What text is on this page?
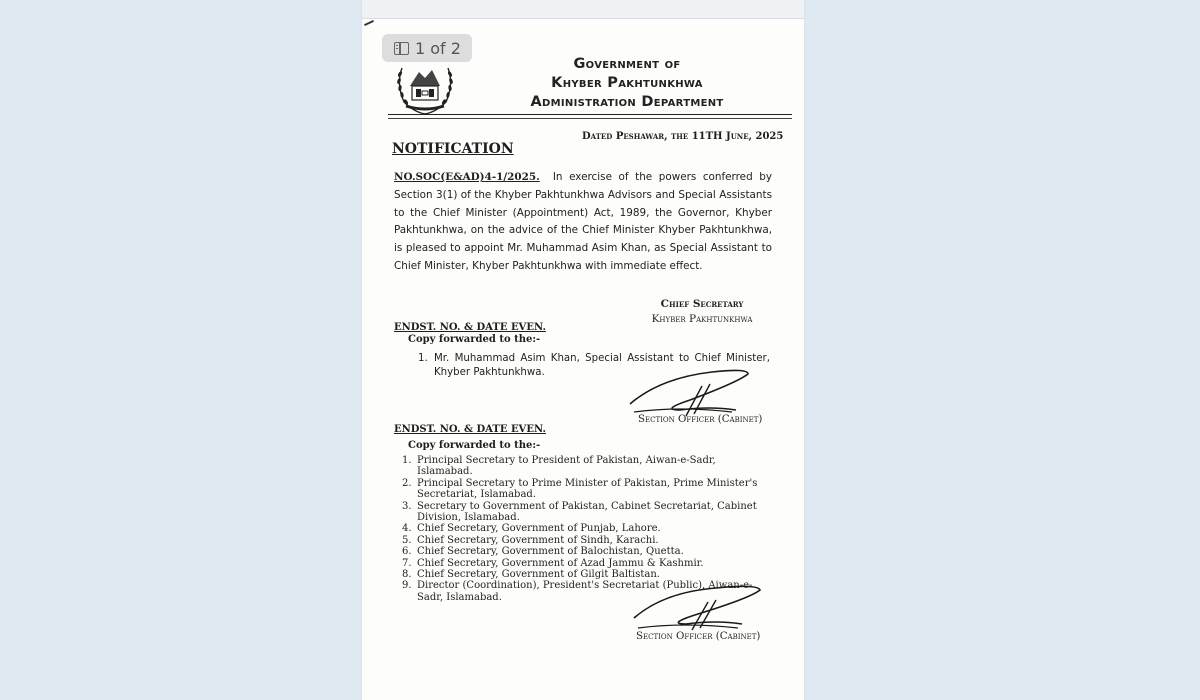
Government of
Khyber Pakhtunkhwa
Administration Department
Dated Peshawar, the 11TH June, 2025
NOTIFICATION
NO.SOC(E&AD)4-1/2025. In exercise of the powers conferred by Section 3(1) of the Khyber Pakhtunkhwa Advisors and Special Assistants to the Chief Minister (Appointment) Act, 1989, the Governor, Khyber Pakhtunkhwa, on the advice of the Chief Minister Khyber Pakhtunkhwa, is pleased to appoint Mr. Muhammad Asim Khan, as Special Assistant to Chief Minister, Khyber Pakhtunkhwa with immediate effect.
Chief Secretary
Khyber Pakhtunkhwa
ENDST. NO. & DATE EVEN.
Copy forwarded to the:-
1. Mr. Muhammad Asim Khan, Special Assistant to Chief Minister, Khyber Pakhtunkhwa.
Section Officer (Cabinet)
ENDST. NO. & DATE EVEN.
Copy forwarded to the:-
1. Principal Secretary to President of Pakistan, Aiwan-e-Sadr, Islamabad.
2. Principal Secretary to Prime Minister of Pakistan, Prime Minister's Secretariat, Islamabad.
3. Secretary to Government of Pakistan, Cabinet Secretariat, Cabinet Division, Islamabad.
4. Chief Secretary, Government of Punjab, Lahore.
5. Chief Secretary, Government of Sindh, Karachi.
6. Chief Secretary, Government of Balochistan, Quetta.
7. Chief Secretary, Government of Azad Jammu & Kashmir.
8. Chief Secretary, Government of Gilgit Baltistan.
9. Director (Coordination), President's Secretariat (Public), Aiwan-e-Sadr, Islamabad.
Section Officer (Cabinet)
1 of 2
